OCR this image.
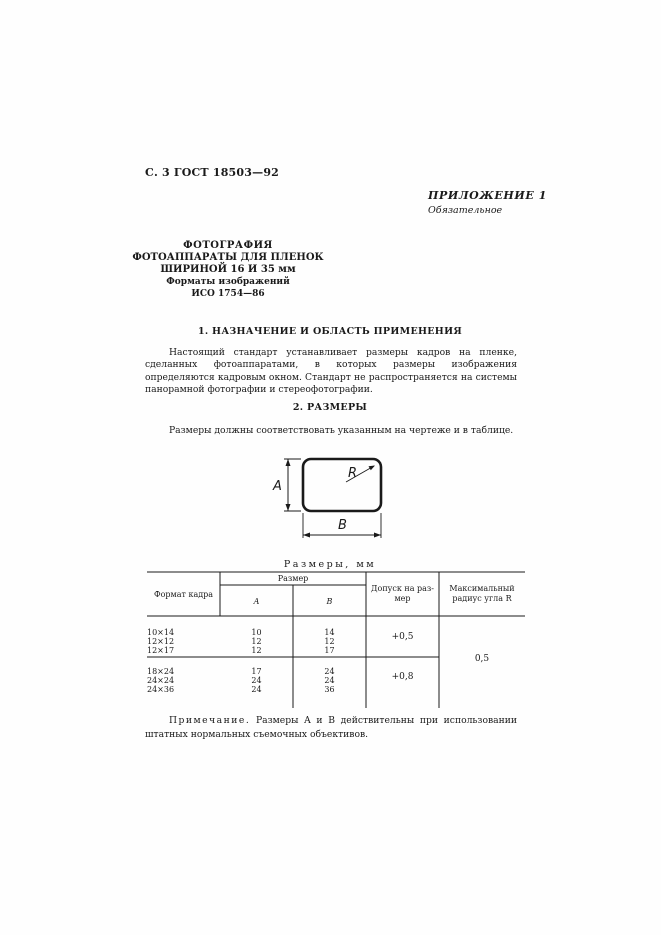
С. 3 ГОСТ 18503—92
ПРИЛОЖЕНИЕ 1
Обязательное
ФОТОГРАФИЯ
ФОТОАППАРАТЫ ДЛЯ ПЛЕНОК
ШИРИНОЙ 16 И 35 мм
Форматы изображений
ИСО 1754—86
1. НАЗНАЧЕНИЕ И ОБЛАСТЬ ПРИМЕНЕНИЯ
Настоящий стандарт устанавливает размеры кадров на пленке, сделанных фотоаппаратами, в которых размеры изображения определяются кадровым окном. Стандарт не распространяется на системы панорамной фотографии и стереофотографии.
2. РАЗМЕРЫ
Размеры должны соответствовать указанным на чертеже и в таблице.
A
B
R
Размеры, мм
Формат кадра
Размер
A	B
Допуск на раз-
мер
Максимальный
радиус угла R
10×14
12×12
12×17
10
12
12
14
12
17
+0,5
18×24
24×24
24×36
17
24
24
24
24
36
+0,8
0,5
Примечание. Размеры A и B действительны при использовании штатных нормальных съемочных объективов.
